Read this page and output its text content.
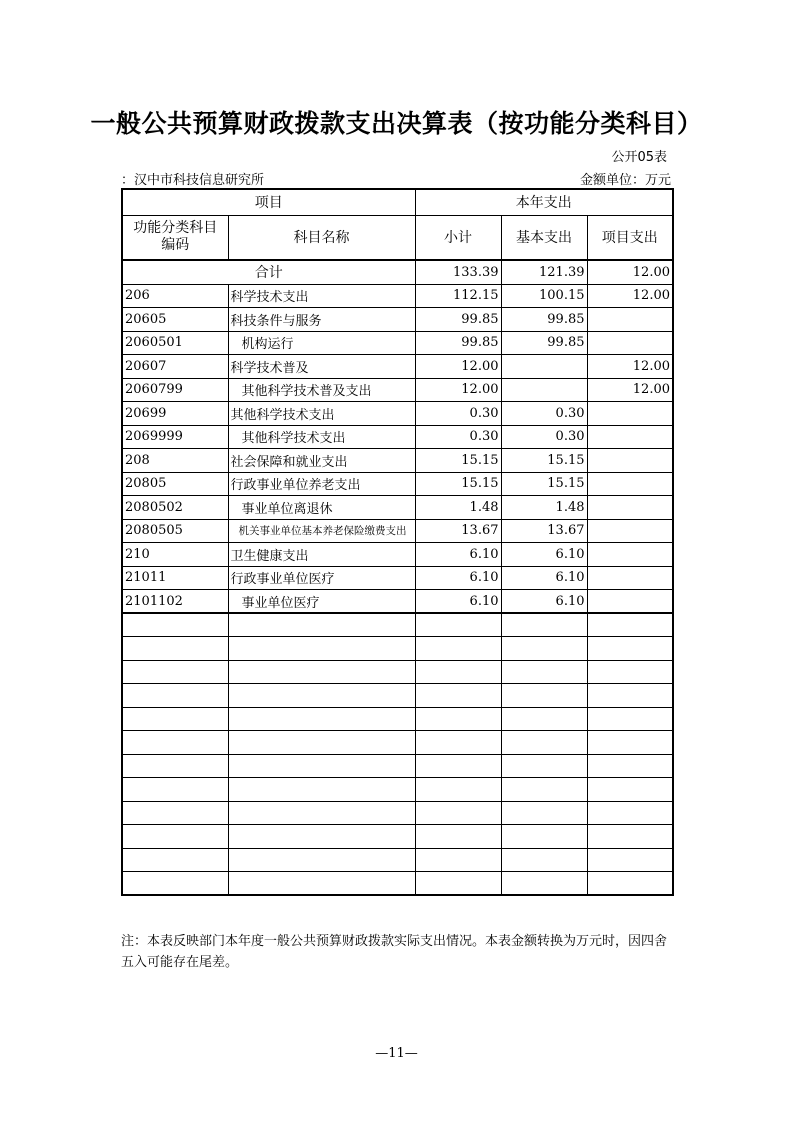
一般公共预算财政拨款支出决算表（按功能分类科目）
公开05表
：汉中市科技信息研究所	金额单位：万元
项目		本年支出		
功能分类科目
编码	科目名称	小计	基本支出	项目支出
合计		133.39	121.39	12.00
206	科学技术支出	112.15	100.15	12.00
20605	科技条件与服务	99.85	99.85	
2060501	机构运行	99.85	99.85	
20607	科学技术普及	12.00		12.00
2060799	其他科学技术普及支出	12.00		12.00
20699	其他科学技术支出	0.30	0.30	
2069999	其他科学技术支出	0.30	0.30	
208	社会保障和就业支出	15.15	15.15	
20805	行政事业单位养老支出	15.15	15.15	
2080502	事业单位离退休	1.48	1.48	
2080505	机关事业单位基本养老保险缴费支出	13.67	13.67	
210	卫生健康支出	6.10	6.10	
21011	行政事业单位医疗	6.10	6.10	
2101102	事业单位医疗	6.10	6.10	

注：本表反映部门本年度一般公共预算财政拨款实际支出情况。本表金额转换为万元时，因四舍五入可能存在尾差。
—11—
